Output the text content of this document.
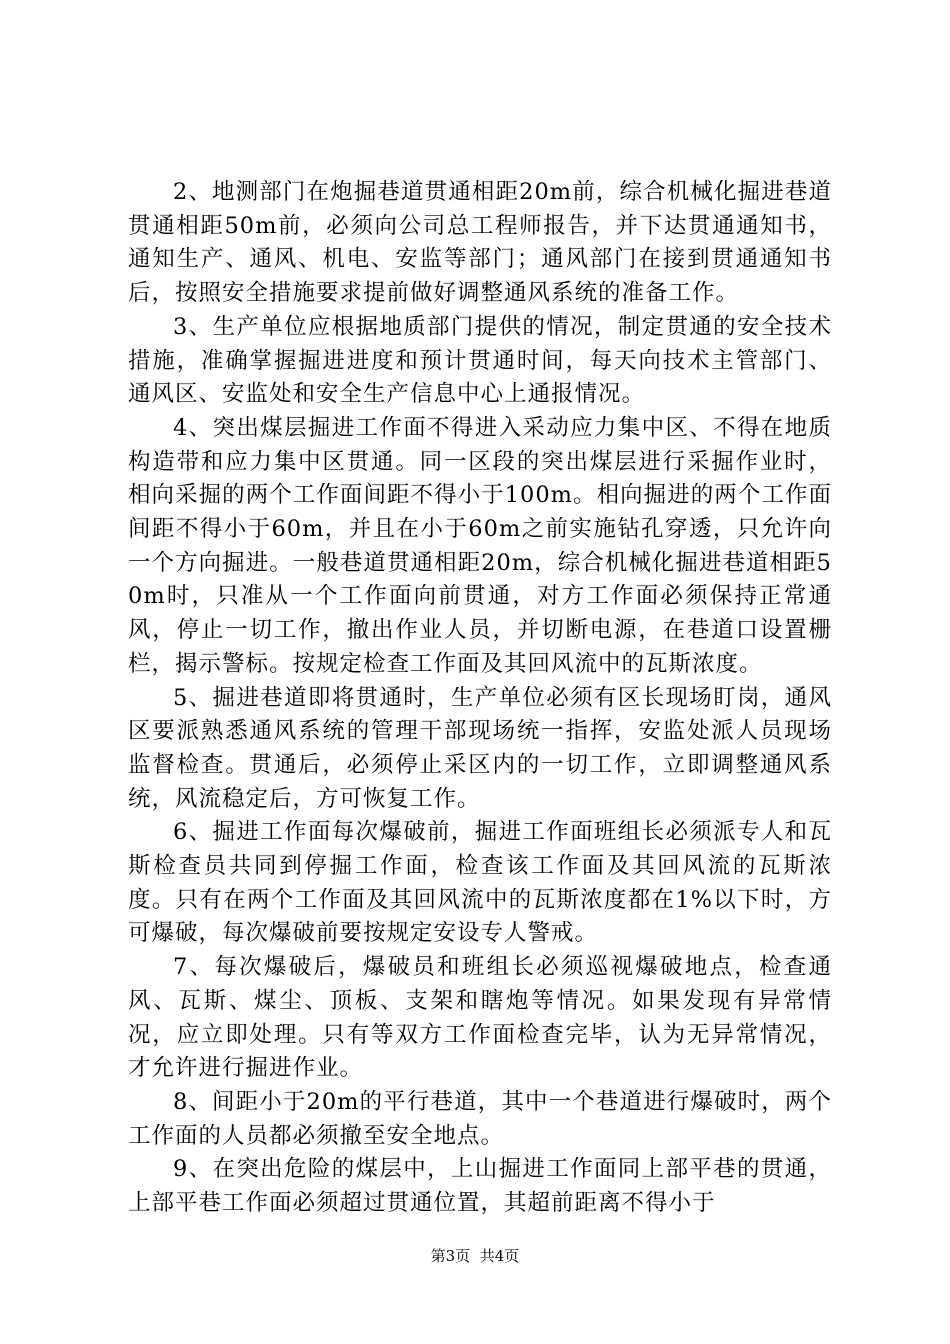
2、地测部门在炮掘巷道贯通相距20m前，综合机械化掘进巷道贯通相距50m前，必须向公司总工程师报告，并下达贯通通知书，通知生产、通风、机电、安监等部门；通风部门在接到贯通通知书后，按照安全措施要求提前做好调整通风系统的准备工作。

3、生产单位应根据地质部门提供的情况，制定贯通的安全技术措施，准确掌握掘进进度和预计贯通时间，每天向技术主管部门、通风区、安监处和安全生产信息中心上通报情况。

4、突出煤层掘进工作面不得进入采动应力集中区、不得在地质构造带和应力集中区贯通。同一区段的突出煤层进行采掘作业时，相向采掘的两个工作面间距不得小于100m。相向掘进的两个工作面间距不得小于60m，并且在小于60m之前实施钻孔穿透，只允许向一个方向掘进。一般巷道贯通相距20m，综合机械化掘进巷道相距50m时，只准从一个工作面向前贯通，对方工作面必须保持正常通风，停止一切工作，撤出作业人员，并切断电源，在巷道口设置栅栏，揭示警标。按规定检查工作面及其回风流中的瓦斯浓度。

5、掘进巷道即将贯通时，生产单位必须有区长现场盯岗，通风区要派熟悉通风系统的管理干部现场统一指挥，安监处派人员现场监督检查。贯通后，必须停止采区内的一切工作，立即调整通风系统，风流稳定后，方可恢复工作。

6、掘进工作面每次爆破前，掘进工作面班组长必须派专人和瓦斯检查员共同到停掘工作面，检查该工作面及其回风流的瓦斯浓度。只有在两个工作面及其回风流中的瓦斯浓度都在1%以下时，方可爆破，每次爆破前要按规定安设专人警戒。

7、每次爆破后，爆破员和班组长必须巡视爆破地点，检查通风、瓦斯、煤尘、顶板、支架和瞎炮等情况。如果发现有异常情况，应立即处理。只有等双方工作面检查完毕，认为无异常情况，才允许进行掘进作业。

8、间距小于20m的平行巷道，其中一个巷道进行爆破时，两个工作面的人员都必须撤至安全地点。

9、在突出危险的煤层中，上山掘进工作面同上部平巷的贯通，上部平巷工作面必须超过贯通位置，其超前距离不得小于

第3页 共4页
